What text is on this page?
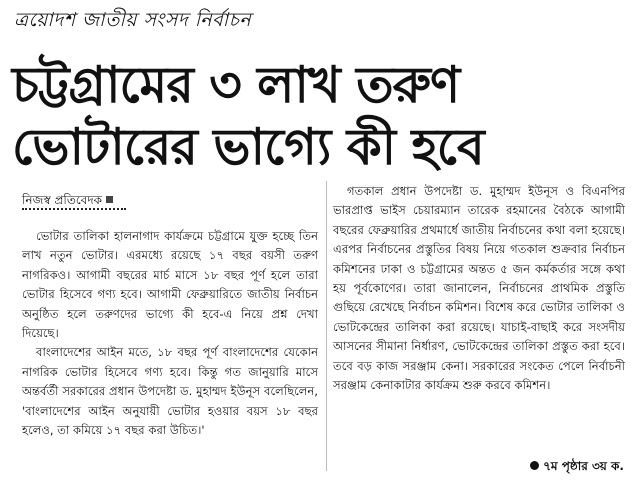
ত্রয়োদশ জাতীয় সংসদ নির্বাচন
চট্টগ্রামের ৩ লাখ তরুণ
ভোটারের ভাগ্যে কী হবে
নিজস্ব প্রতিবেদক

ভোটার তালিকা হালনাগাদ কার্যক্রমে চট্টগ্রামে যুক্ত হচ্ছে তিন লাখ নতুন ভোটার। এরমধ্যে রয়েছে ১৭ বছর বয়সী তরুণ নাগরিকও। আগামী বছরের মার্চ মাসে ১৮ বছর পূর্ণ হলে তারা ভোটার হিসেবে গণ্য হবে। আগামী ফেব্রুয়ারিতে জাতীয় নির্বাচন অনুষ্ঠিত হলে তরুণদের ভাগ্যে কী হবে-এ নিয়ে প্রশ্ন দেখা দিয়েছে।

বাংলাদেশের আইন মতে, ১৮ বছর পূর্ণ বাংলাদেশের যেকোন নাগরিক ভোটার হিসেবে গণ্য হবে। কিন্তু গত জানুয়ারি মাসে অন্তর্বর্তী সরকারের প্রধান উপদেষ্টা ড. মুহাম্মদ ইউনূস বলেছিলেন, 'বাংলাদেশের আইন অনুযায়ী ভোটার হওয়ার বয়স ১৮ বছর হলেও, তা কমিয়ে ১৭ বছর করা উচিত।'

গতকাল প্রধান উপদেষ্টা ড. মুহাম্মদ ইউনূস ও বিএনপির ভারপ্রাপ্ত ভাইস চেয়ারম্যান তারেক রহমানের বৈঠকে আগামী বছরের ফেব্রুয়ারির প্রথমার্ধে জাতীয় নির্বাচনের কথা বলা হয়েছে। এরপর নির্বাচনের প্রস্তুতির বিষয় নিয়ে গতকাল শুক্রবার নির্বাচন কমিশনের ঢাকা ও চট্টগ্রামের অন্তত ৫ জন কর্মকর্তার সঙ্গে কথা হয় পূর্বকোণের। তারা জানালেন, নির্বাচনের প্রাথমিক প্রস্তুতি গুছিয়ে রেখেছে নির্বাচন কমিশন। বিশেষ করে ভোটার তালিকা ও ভোটকেন্দ্রের তালিকা করা রয়েছে। যাচাই-বাছাই করে সংসদীয় আসনের সীমানা নির্ধারণ, ভোটকেন্দ্রের তালিকা প্রস্তুত করা হবে। তবে বড় কাজ সরঞ্জাম কেনা। সরকারের সংকেত পেলে নির্বাচনী সরঞ্জাম কেনাকাটার কার্যক্রম শুরু করবে কমিশন।

৭ম পৃষ্ঠার ৩য় ক.
